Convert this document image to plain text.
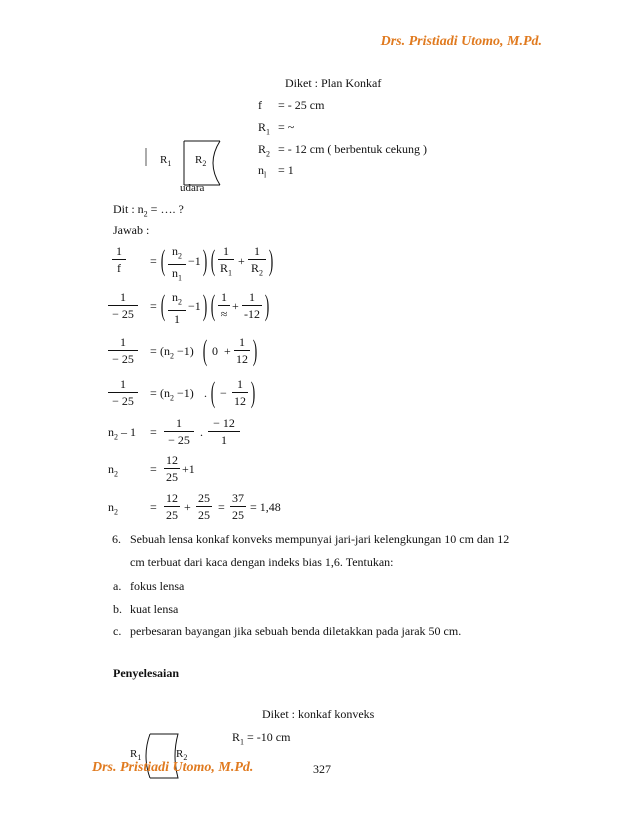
Drs. Pristiadi Utomo, M.Pd.
Diket : Plan Konkaf
f = - 25 cm
$R_1$ = ~
$R_2$ = - 12 cm ( berbentuk cekung )
$n_l = 1$
$R_1$ $R_2$
udara
Dit : $n_2$ = …. ?
Jawab :
1
f	= ( $n_2$
$n_1$
−1 ) ( 1
$R_1$
+
1
$R_2$ )
1
− 25
= ( $n_2$
1
−1 ) ( 1
≈
+
1
-12 )
1
− 25
= $(n_2 -1)$ ( 0 +
1
12 )
1
− 25
= $(n_2 -1)$ . ( −
1
12 )
$n_2 - 1$ =
1
− 25
.
− 12
1
$n_2$	=
12
25
+1
$n_2$	=
12
25
+
25
25
=
37
25
= 1,48
6. Sebuah lensa konkaf konveks mempunyai jari-jari kelengkungan 10 cm dan 12
cm terbuat dari kaca dengan indeks bias 1,6. Tentukan:
a. fokus lensa
b. kuat lensa
c. perbesaran bayangan jika sebuah benda diletakkan pada jarak 50 cm.
Penyelesaian
Diket : konkaf konveks
$R_1 = -10$ cm
$R_1$	$R_2$
Drs. Pristiadi Utomo, M.Pd.	327
